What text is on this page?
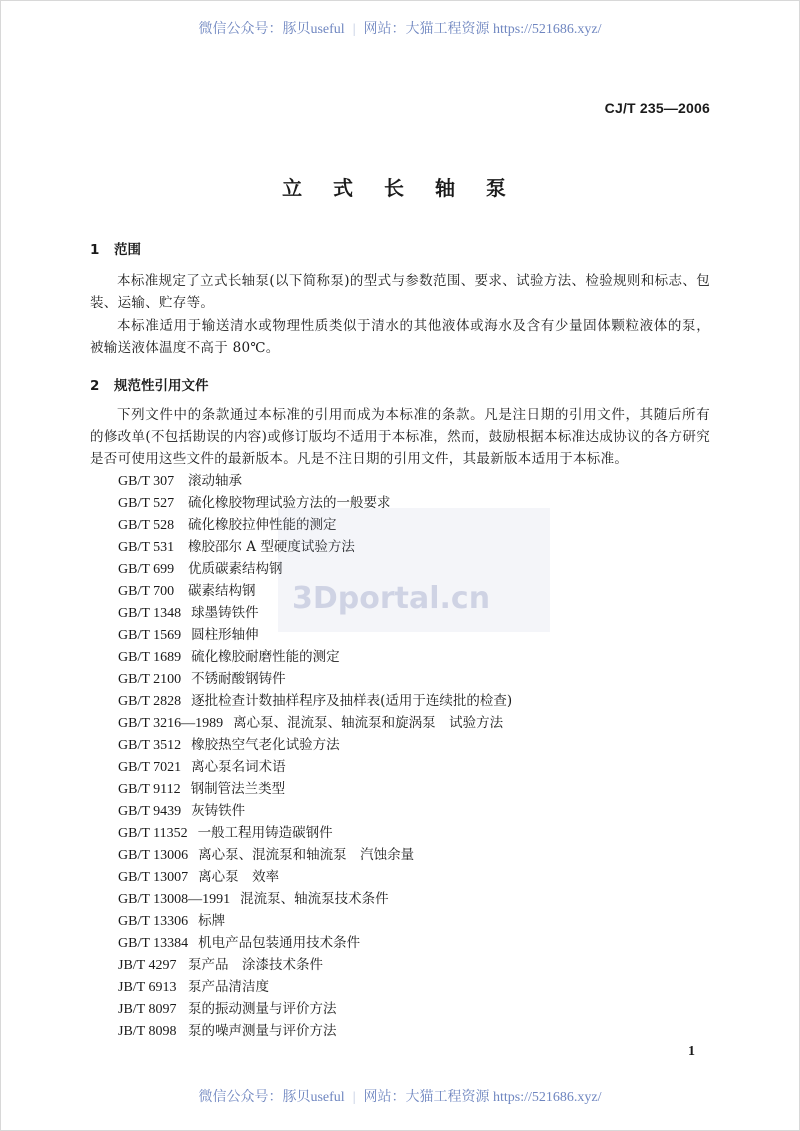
微信公众号：豚贝useful | 网站：大猫工程资源 https://521686.xyz/
CJ/T 235—2006
立 式 长 轴 泵
1 范围
本标准规定了立式长轴泵(以下简称泵)的型式与参数范围、要求、试验方法、检验规则和标志、包装、运输、贮存等。
本标准适用于输送清水或物理性质类似于清水的其他液体或海水及含有少量固体颗粒液体的泵，被输送液体温度不高于 80℃。
2 规范性引用文件
下列文件中的条款通过本标准的引用而成为本标准的条款。凡是注日期的引用文件，其随后所有的修改单(不包括勘误的内容)或修订版均不适用于本标准，然而，鼓励根据本标准达成协议的各方研究是否可使用这些文件的最新版本。凡是不注日期的引用文件，其最新版本适用于本标准。
GB/T 307 滚动轴承
GB/T 527 硫化橡胶物理试验方法的一般要求
GB/T 528 硫化橡胶拉伸性能的测定
GB/T 531 橡胶邵尔 A 型硬度试验方法
GB/T 699 优质碳素结构钢
GB/T 700 碳素结构钢
GB/T 1348 球墨铸铁件
GB/T 1569 圆柱形轴伸
GB/T 1689 硫化橡胶耐磨性能的测定
GB/T 2100 不锈耐酸钢铸件
GB/T 2828 逐批检查计数抽样程序及抽样表(适用于连续批的检查)
GB/T 3216—1989 离心泵、混流泵、轴流泵和旋涡泵　试验方法
GB/T 3512 橡胶热空气老化试验方法
GB/T 7021 离心泵名词术语
GB/T 9112 钢制管法兰类型
GB/T 9439 灰铸铁件
GB/T 11352 一般工程用铸造碳钢件
GB/T 13006 离心泵、混流泵和轴流泵　汽蚀余量
GB/T 13007 离心泵　效率
GB/T 13008—1991 混流泵、轴流泵技术条件
GB/T 13306 标牌
GB/T 13384 机电产品包装通用技术条件
JB/T 4297 泵产品　涂漆技术条件
JB/T 6913 泵产品清洁度
JB/T 8097 泵的振动测量与评价方法
JB/T 8098 泵的噪声测量与评价方法
3Dportal.cn
1
微信公众号：豚贝useful | 网站：大猫工程资源 https://521686.xyz/
